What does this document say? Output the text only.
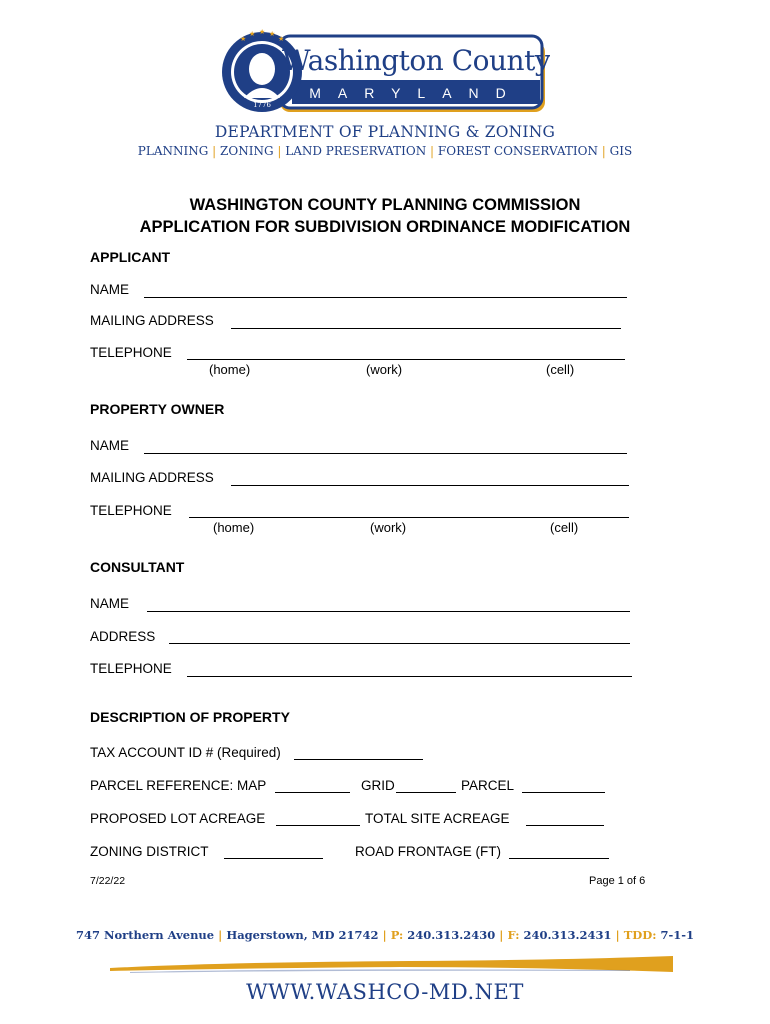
★
★ ★ ★
★
1776
Washington County
MARYLAND
DEPARTMENT OF PLANNING & ZONING
PLANNING | ZONING | LAND PRESERVATION | FOREST CONSERVATION | GIS
WASHINGTON COUNTY PLANNING COMMISSION
APPLICATION FOR SUBDIVISION ORDINANCE MODIFICATION
APPLICANT
NAME
MAILING ADDRESS
TELEPHONE
(home)	(work)	(cell)
PROPERTY OWNER
NAME
MAILING ADDRESS
TELEPHONE
(home)	(work)	(cell)
CONSULTANT
NAME
ADDRESS
TELEPHONE
DESCRIPTION OF PROPERTY
TAX ACCOUNT ID # (Required)
PARCEL REFERENCE: MAP	GRID	PARCEL
PROPOSED LOT ACREAGE	TOTAL SITE ACREAGE
ZONING DISTRICT	ROAD FRONTAGE (FT)
7/22/22	Page 1 of 6
747 Northern Avenue | Hagerstown, MD 21742 | P: 240.313.2430 | F: 240.313.2431 | TDD: 7-1-1
WWW.WASHCO-MD.NET
